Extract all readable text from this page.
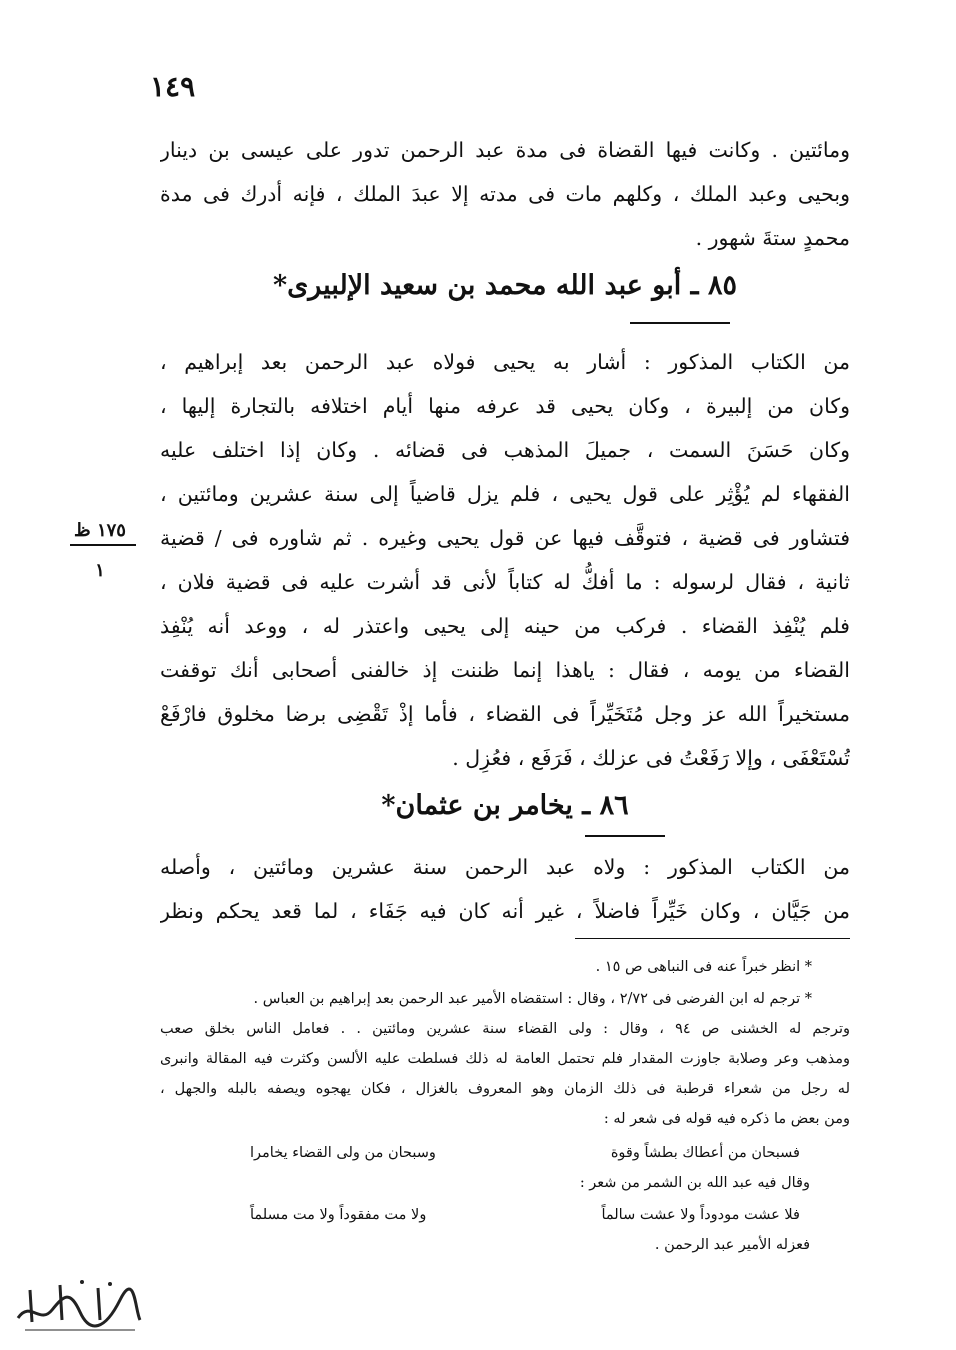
١٤٩
ومائتين . وكانت فيها القضاة فى مدة عبد الرحمن تدور على عيسى بن دينار
وبحيى وعبد الملك ، وكلهم مات فى مدته إلا عبدَ الملك ، فإنه أدرك فى مدة
محمدٍ ستةَ شهور .
٨٥ ـ أبو عبد الله محمد بن سعيد الإلبيرى*
من الكتاب المذكور : أشار به يحيى فولاه عبد الرحمن بعد إبراهيم ،
وكان من إلبيرة ، وكان يحيى قد عرفه منها أيام اختلافه بالتجارة إليها ،
وكان حَسَنَ السمت ، جميلَ المذهب فى قضائه . وكان إذا اختلف عليه
الفقهاء لم يُؤْثِر على قول يحيى ، فلم يزل قاضياً إلى سنة عشرين ومائتين ،
فتشاور فى قضية ، فتوقَّف فيها عن قول يحيى وغيره . ثم شاوره فى / قضية
ثانية ، فقال لرسوله : ما أفكُّ له كتاباً لأنى قد أشرت عليه فى قضية فلان ،
فلم يُنْفِذ القضاء . فركب من حينه إلى يحيى واعتذر له ، ووعد أنه يُنْفِذ
القضاء من يومه ، فقال : ياهذا إنما ظننت إذ خالفنى أصحابى أنك توقفت
مستخيراً الله عز وجل مُتَخَيِّراً فى القضاء ، فأما إذْ تَقْضِى برضا مخلوق فارْفَعْ
تُسْتَعْفَى ، وإلا رَفَعْتُ فى عزلك ، فَرَفَع ، فعُزِل .
١٧٥ ظ
١
٨٦ ـ يخامر بن عثمان*
من الكتاب المذكور : ولاه عبد الرحمن سنة عشرين ومائتين ، وأصله
من جَيَّان ، وكان خَيِّراً فاضلاً ، غير أنه كان فيه جَفَاء ، لما قعد يحكم ونظر
* انظر خبراً عنه فى النباهى ص ١٥ .
* ترجم له ابن الفرضى فى ٢/٧٢ ، وقال : استقضاه الأمير عبد الرحمن بعد إبراهيم بن العباس .
وترجم له الخشنى ص ٩٤ ، وقال : ولى القضاء سنة عشرين ومائتين . . فعامل الناس بخلق صعب
ومذهب وعر وصلابة جاوزت المقدار فلم تحتمل العامة له ذلك فسلطت عليه الألسن وكثرت فيه المقالة وانبرى
له رجل من شعراء قرطبة فى ذلك الزمان وهو المعروف بالغزال ، فكان يهجوه ويصفه بالبله والجهل ،
ومن بعض ما ذكره فيه قوله فى شعر له :
فسبحان من أعطاك بطشاً وقوة
وسبحان من ولى القضاء يخامرا
وقال فيه عبد الله بن الشمر من شعر :
فلا عشت مودوداً ولا عشت سالماً
ولا مت مفقوداً ولا مت مسلماً
فعزله الأمير عبد الرحمن .
